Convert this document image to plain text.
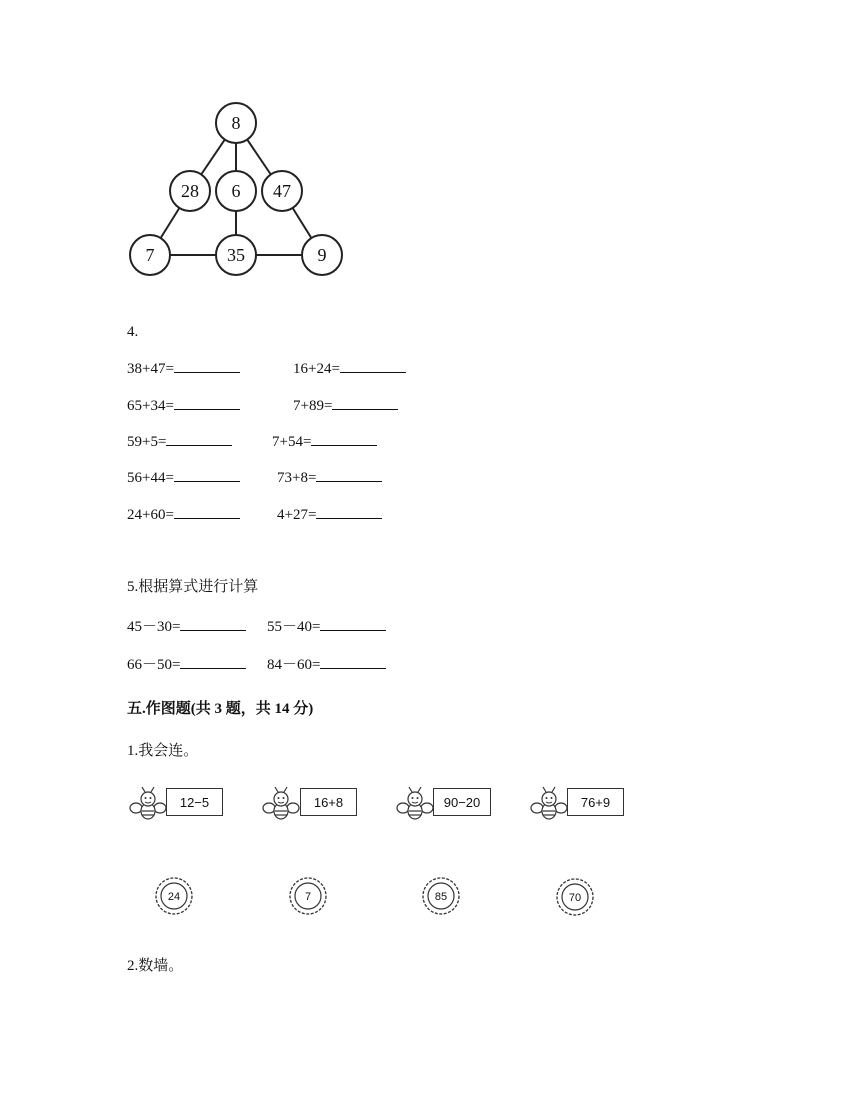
8
28 6 47
7	35	9
4.
38+47=	16+24=
65+34=	7+89=
59+5=	7+54=
56+44=	73+8=
24+60=	4+27=
5.根据算式进行计算
45－30=	55－40=
66－50=	84－60=
五.作图题(共 3 题，共 14 分)
1.我会连。
12−5	16+8	90−20	76+9
24	7	85	70
2.数墙。
